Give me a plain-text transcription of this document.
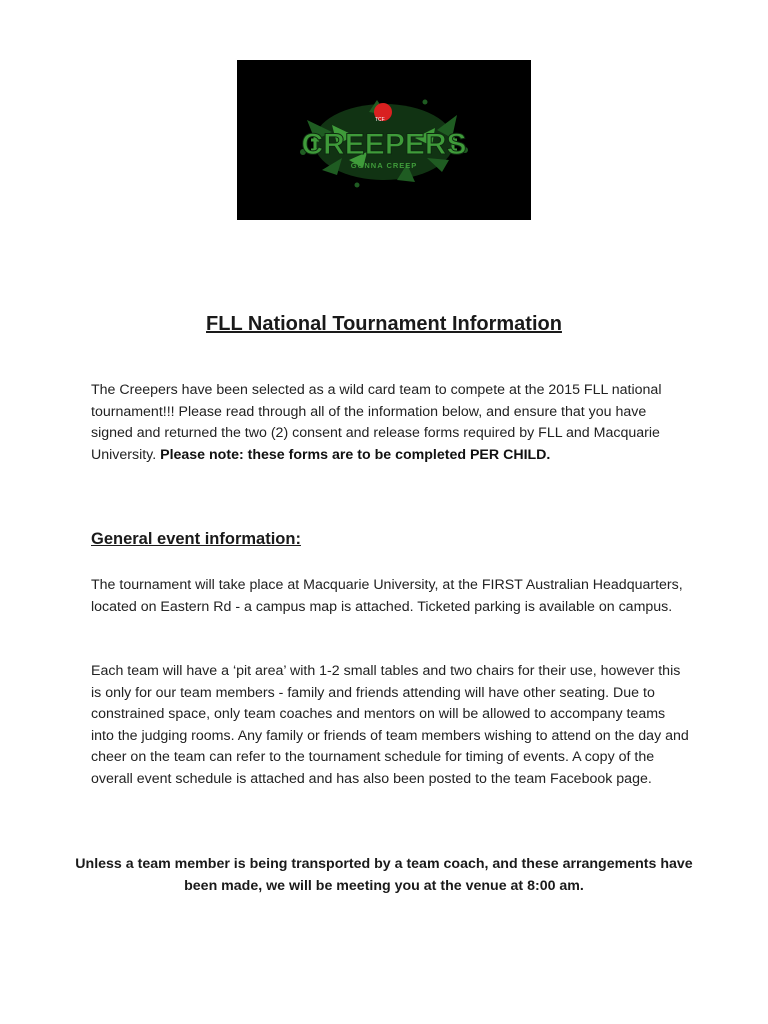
TCF
CREEPERS
GONNA CREEP
FLL National Tournament Information

The Creepers have been selected as a wild card team to compete at the 2015 FLL national tournament!!! Please read through all of the information below, and ensure that you have signed and returned the two (2) consent and release forms required by FLL and Macquarie University. Please note: these forms are to be completed PER CHILD.

General event information:

The tournament will take place at Macquarie University, at the FIRST Australian Headquarters, located on Eastern Rd - a campus map is attached. Ticketed parking is available on campus.

Each team will have a ‘pit area’ with 1-2 small tables and two chairs for their use, however this is only for our team members - family and friends attending will have other seating. Due to constrained space, only team coaches and mentors on will be allowed to accompany teams into the judging rooms. Any family or friends of team members wishing to attend on the day and cheer on the team can refer to the tournament schedule for timing of events. A copy of the overall event schedule is attached and has also been posted to the team Facebook page.

Unless a team member is being transported by a team coach, and these arrangements have been made, we will be meeting you at the venue at 8:00 am.
